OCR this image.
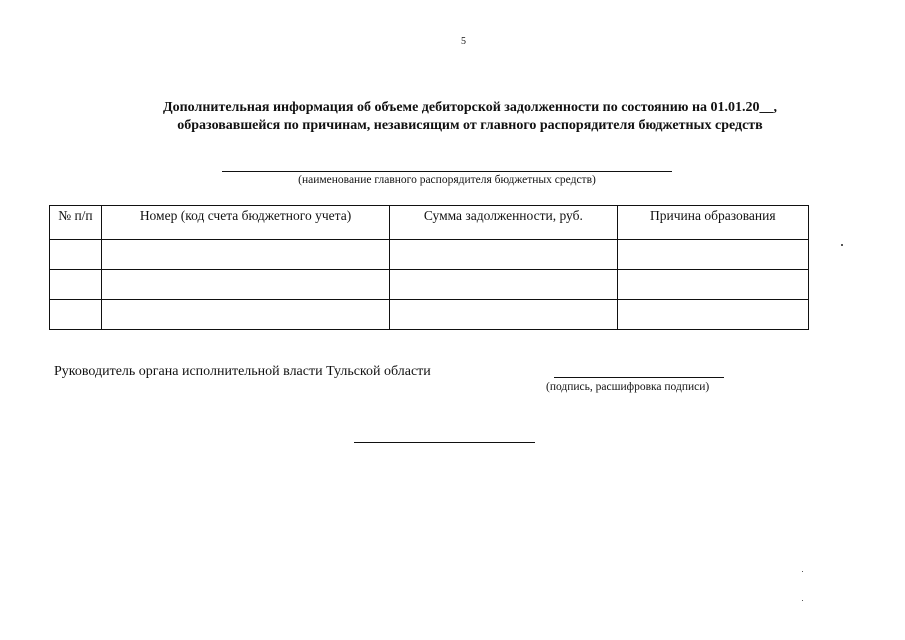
5
Дополнительная информация об объеме дебиторской задолженности по состоянию на 01.01.20__,
образовавшейся по причинам, независящим от главного распорядителя бюджетных средств
(наименование главного распорядителя бюджетных средств)
№ п/п	Номер (код счета бюджетного учета)	Сумма задолженности, руб.	Причина образования

Руководитель органа исполнительной власти Тульской области
(подпись, расшифровка подписи)
